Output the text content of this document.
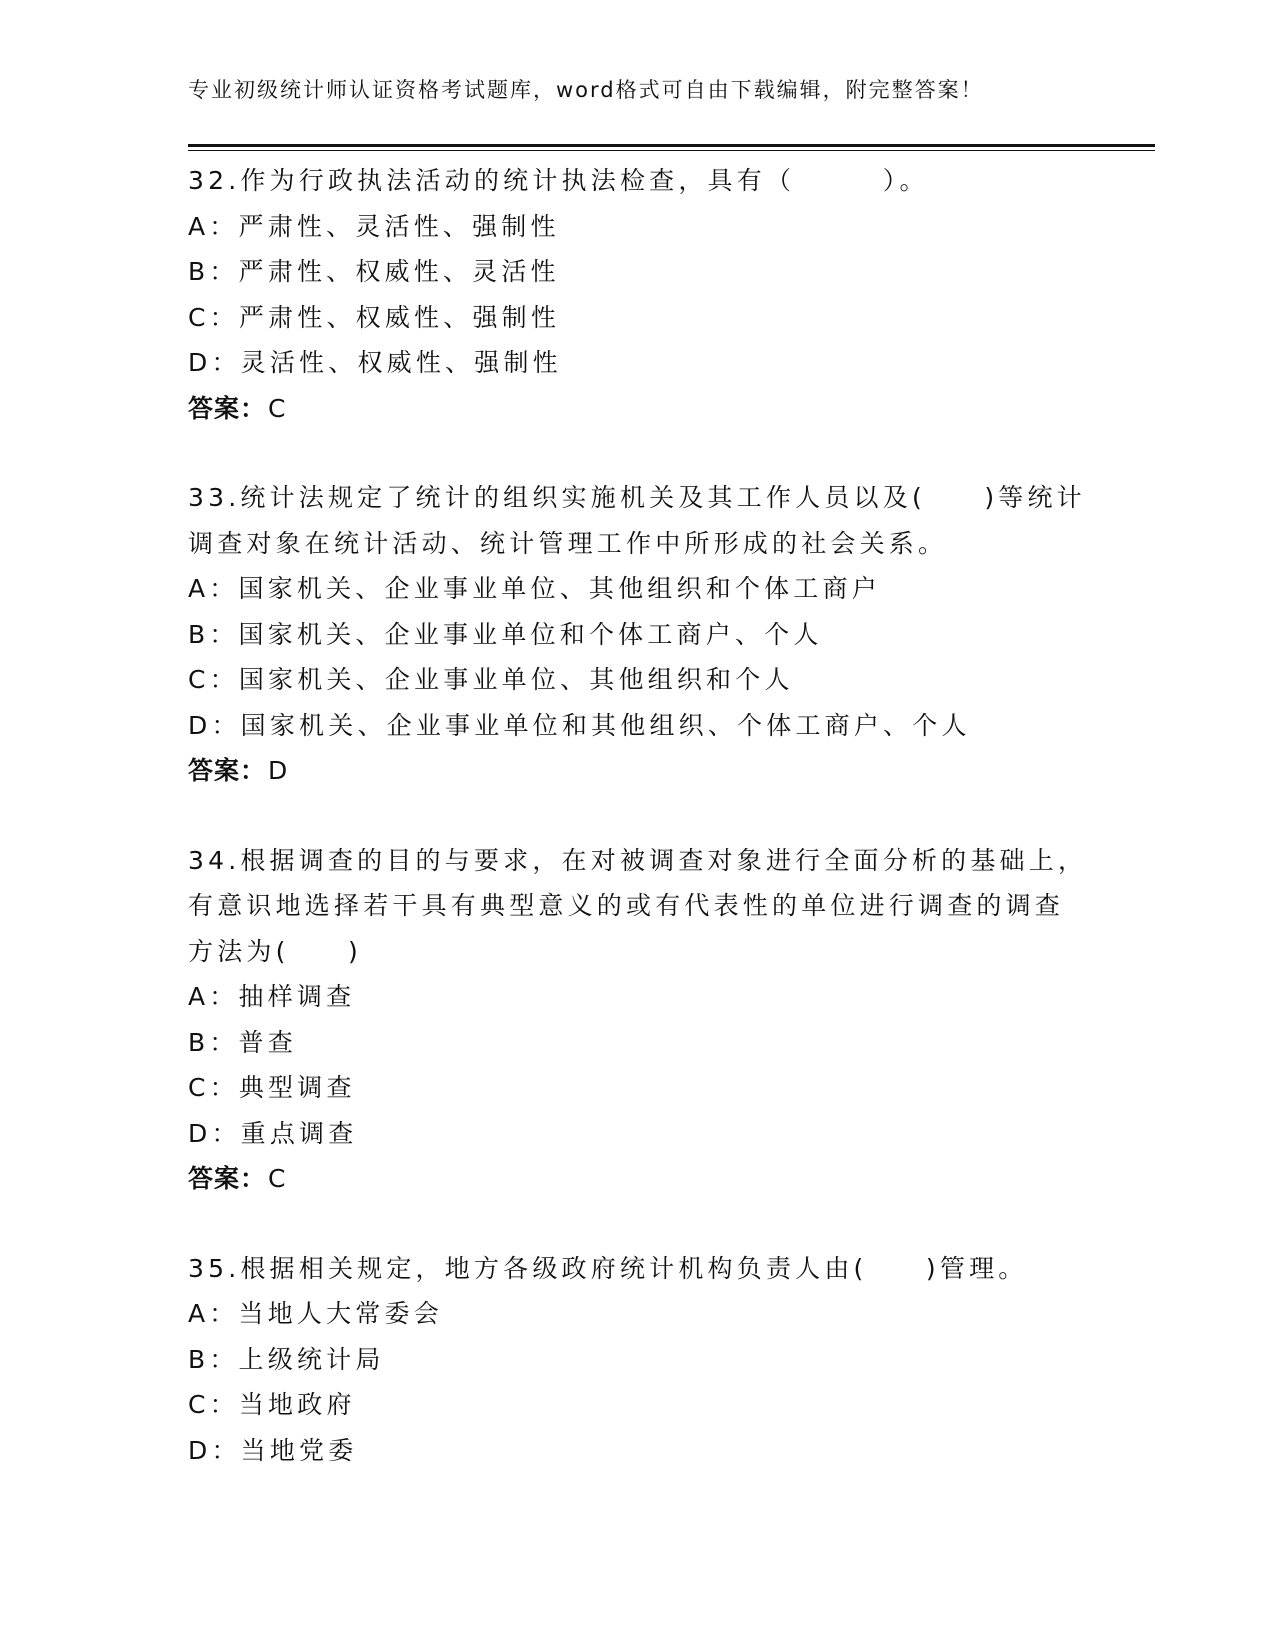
专业初级统计师认证资格考试题库，word格式可自由下载编辑，附完整答案！
32.作为行政执法活动的统计执法检查，具有（　　　）。
A：严肃性、灵活性、强制性
B：严肃性、权威性、灵活性
C：严肃性、权威性、强制性
D：灵活性、权威性、强制性
答案：C
33.统计法规定了统计的组织实施机关及其工作人员以及(　　)等统计
调查对象在统计活动、统计管理工作中所形成的社会关系。
A：国家机关、企业事业单位、其他组织和个体工商户
B：国家机关、企业事业单位和个体工商户、个人
C：国家机关、企业事业单位、其他组织和个人
D：国家机关、企业事业单位和其他组织、个体工商户、个人
答案：D
34.根据调查的目的与要求，在对被调查对象进行全面分析的基础上，
有意识地选择若干具有典型意义的或有代表性的单位进行调查的调查
方法为(　　)
A：抽样调查
B：普查
C：典型调查
D：重点调查
答案：C
35.根据相关规定，地方各级政府统计机构负责人由(　　)管理。
A：当地人大常委会
B：上级统计局
C：当地政府
D：当地党委
